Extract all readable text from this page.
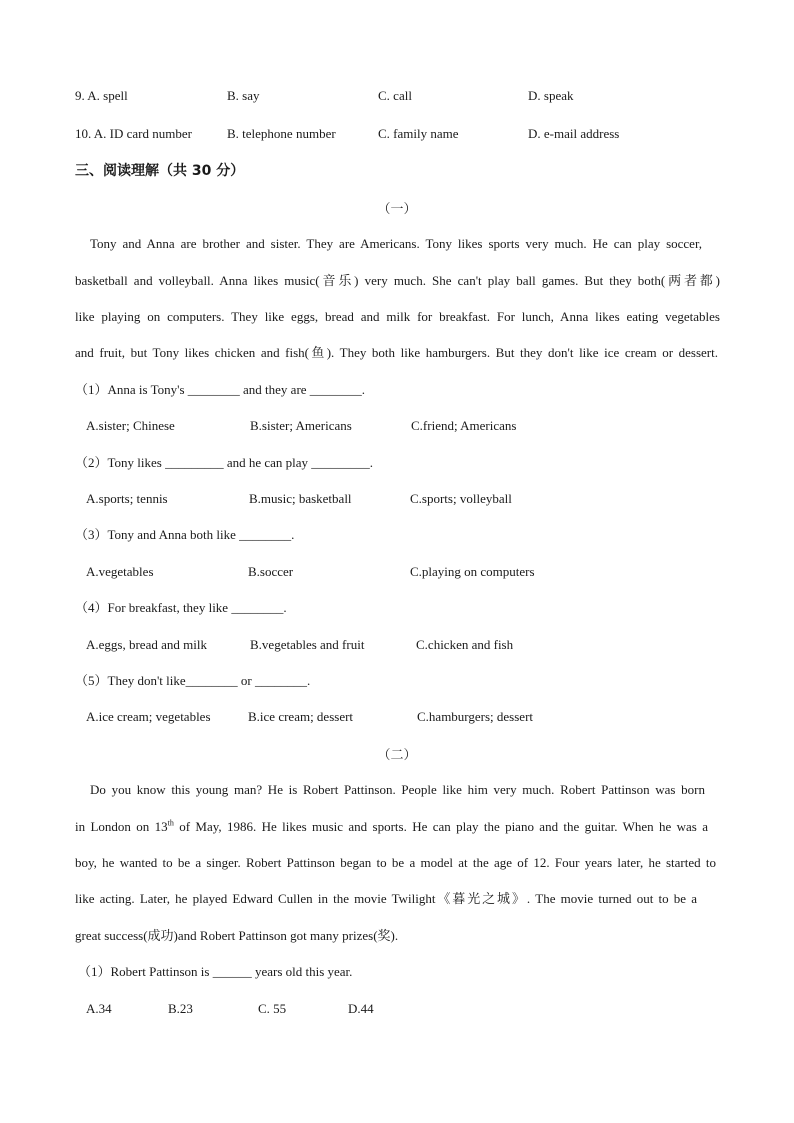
9. A. spell	B. say	C. call	D. speak
10. A. ID card number	B. telephone number	C. family name	D. e-mail address
三、阅读理解（共 30 分）
（一）
Tony and Anna are brother and sister. They are Americans. Tony likes sports very much. He can play soccer,
basketball and volleyball. Anna likes music(音乐) very much. She can't play ball games. But they both(两者都)
like playing on computers. They like eggs, bread and milk for breakfast. For lunch, Anna likes eating vegetables
and fruit, but Tony likes chicken and fish(鱼). They both like hamburgers. But they don't like ice cream or dessert.
（1）Anna is Tony's ________ and they are ________.
A.sister; Chinese	B.sister; Americans	C.friend; Americans
（2）Tony likes _________ and he can play _________.
A.sports; tennis	B.music; basketball	C.sports; volleyball
（3）Tony and Anna both like ________.
A.vegetables	B.soccer	C.playing on computers
（4）For breakfast, they like ________.
A.eggs, bread and milk	B.vegetables and fruit	C.chicken and fish
（5）They don't like________ or ________.
A.ice cream; vegetables	B.ice cream; dessert	C.hamburgers; dessert
（二）
Do you know this young man? He is Robert Pattinson. People like him very much. Robert Pattinson was born
in London on 13th of May, 1986. He likes music and sports. He can play the piano and the guitar. When he was a
boy, he wanted to be a singer. Robert Pattinson began to be a model at the age of 12. Four years later, he started to
like acting. Later, he played Edward Cullen in the movie Twilight《暮光之城》. The movie turned out to be a
great success(成功)and Robert Pattinson got many prizes(奖).
（1）Robert Pattinson is ______ years old this year.
A.34	B.23	C. 55	D.44
